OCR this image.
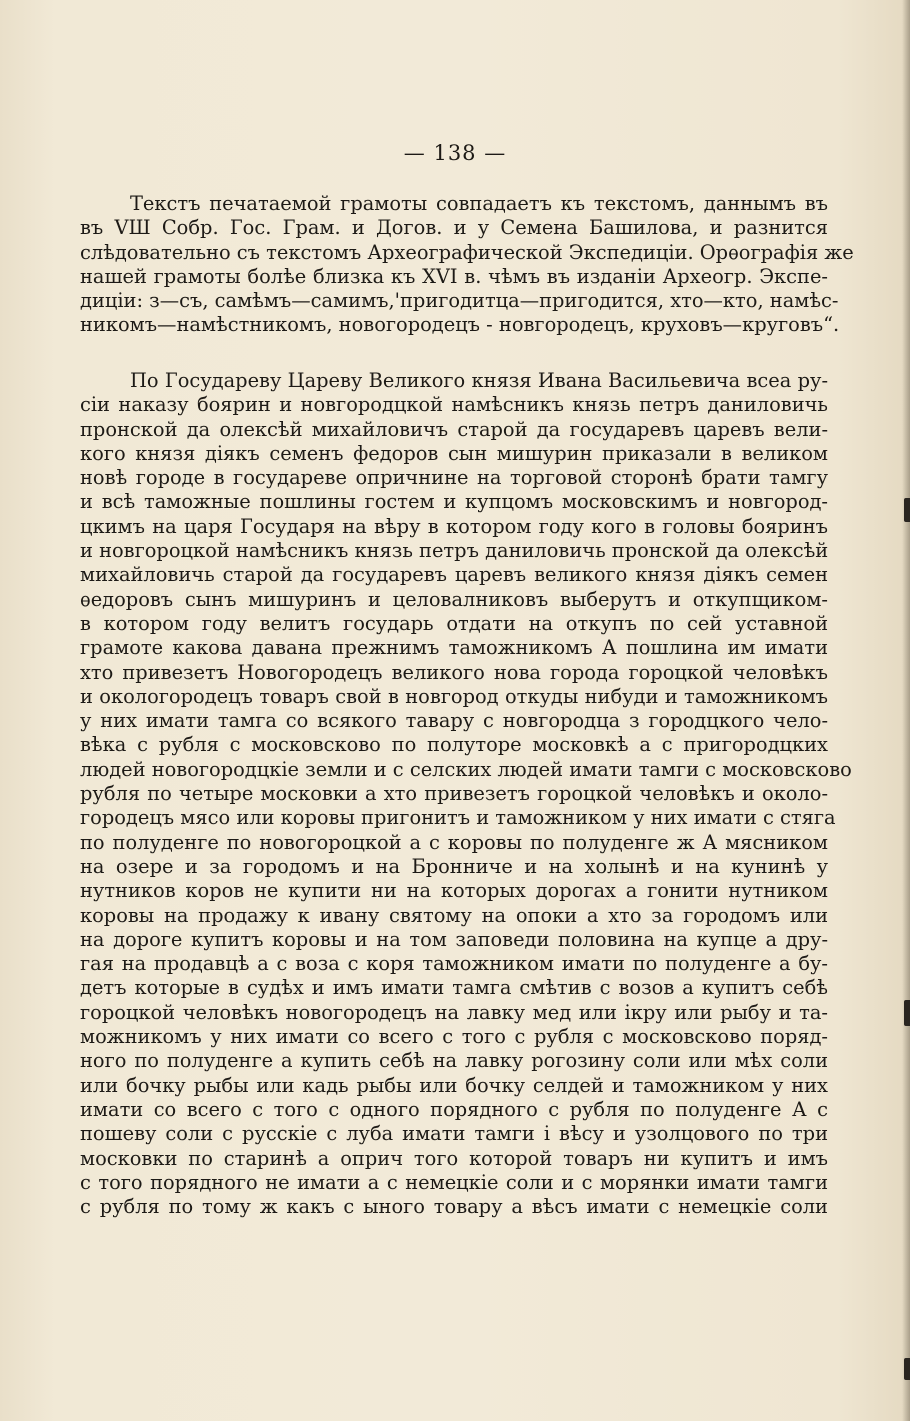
— 138 —
Текстъ печатаемой грамоты совпадаетъ къ текстомъ, даннымъ въ
въ VШ Собр. Гос. Грам. и Догов. и у Семена Башилова, и разнится
слѣдовательно съ текстомъ Археографической Экспедиціи. Орѳографія же
нашей грамоты болѣе близка къ XVI в. чѣмъ въ изданіи Археогр. Экспе-
диціи: з—съ, самѣмъ—самимъ,'пригодитца—пригодится, хто—кто, намѣс-
никомъ—намѣстникомъ, новогородецъ - новгородецъ, круховъ—круговъ“.
По Государеву Цареву Великого князя Ивана Васильевича всеа ру-
сіи наказу боярин и новгородцкой намѣсникъ князь петръ даниловичь
пронской да олексѣй михайловичъ старой да государевъ царевъ вели-
кого князя діякъ семенъ федоров сын мишурин приказали в великом
новѣ городе в государеве опричнине на торговой сторонѣ брати тамгу
и всѣ таможные пошлины гостем и купцомъ московскимъ и новгород-
цкимъ на царя Государя на вѣру в котором году кого в головы бояринъ
и новгороцкой намѣсникъ князь петръ даниловичь пронской да олексѣй
михайловичь старой да государевъ царевъ великого князя діякъ семен
ѳедоровъ сынъ мишуринъ и целовалниковъ выберутъ и откупщиком-
в котором году велитъ государь отдати на откупъ по сей уставной
грамоте какова давана прежнимъ таможникомъ А пошлина им имати
хто привезетъ Новогородецъ великого нова города гороцкой человѣкъ
и окологородецъ товаръ свой в новгород откуды нибуди и таможникомъ
у них имати тамга со всякого тавару с новгородца з городцкого чело-
вѣка с рубля с московсково по полуторе московкѣ а с пригородцких
людей новогородцкіе земли и с селских людей имати тамги с московсково
рубля по четыре московки а хто привезетъ гороцкой человѣкъ и около-
городецъ мясо или коровы пригонитъ и таможником у них имати с стяга
по полуденге по новогороцкой а с коровы по полуденге ж А мясником
на озере и за городомъ и на Бронниче и на холынѣ и на кунинѣ у
нутников коров не купити ни на которых дорогах а гонити нутником
коровы на продажу к ивану святому на опоки а хто за городомъ или
на дороге купитъ коровы и на том заповеди половина на купце а дру-
гая на продавцѣ а с воза с коря таможником имати по полуденге а бу-
детъ которые в судѣх и имъ имати тамга смѣтив с возов а купитъ себѣ
гороцкой человѣкъ новогородецъ на лавку мед или ікру или рыбу и та-
можникомъ у них имати со всего с того с рубля с московсково поряд-
ного по полуденге а купить себѣ на лавку рогозину соли или мѣх соли
или бочку рыбы или кадь рыбы или бочку селдей и таможником у них
имати со всего с того с одного порядного с рубля по полуденге А с
пошеву соли с русскіе с луба имати тамги і вѣсу и узолцового по три
московки по старинѣ а оприч того которой товаръ ни купитъ и имъ
с того порядного не имати а с немецкіе соли и с морянки имати тамги
с рубля по тому ж какъ с ыного товару а вѣсъ имати с немецкіе соли
